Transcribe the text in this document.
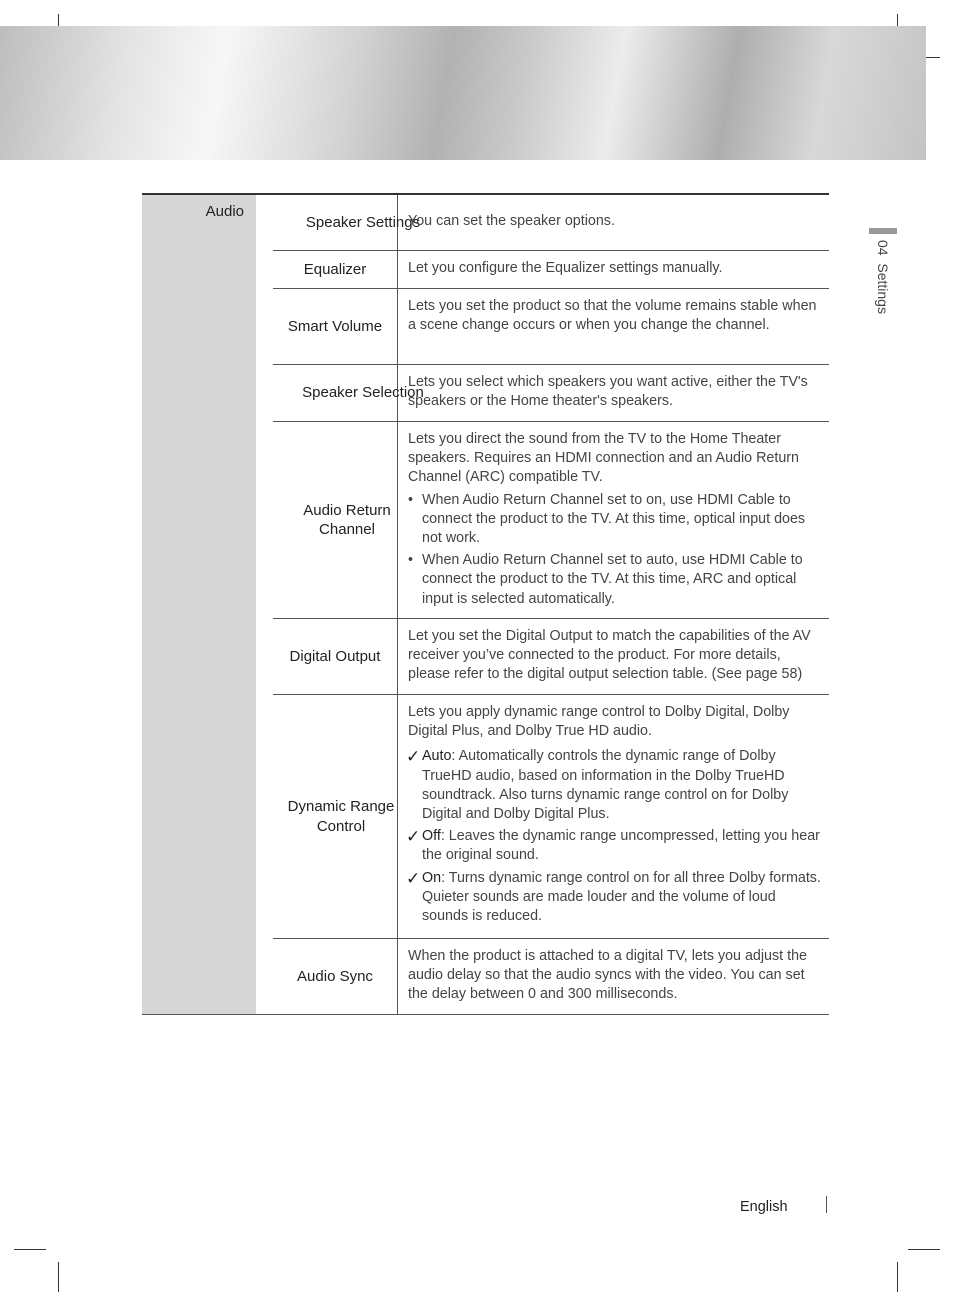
Audio
Speaker Settings

You can set the speaker options.

Equalizer	Let you configure the Equalizer settings manually.

Smart Volume

Lets you set the product so that the volume remains stable when a scene change occurs or when you change the channel.

Speaker Selection

Lets you select which speakers you want active, either the TV's speakers or the Home theater's speakers.

Audio Return Channel

Lets you direct the sound from the TV to the Home Theater speakers. Requires an HDMI connection and an Audio Return Channel (ARC) compatible TV.

• When Audio Return Channel set to on, use HDMI Cable to connect the product to the TV. At this time, optical input does not work.
• When Audio Return Channel set to auto, use HDMI Cable to connect the product to the TV. At this time, ARC and optical input is selected automatically.
Digital Output

Let you set the Digital Output to match the capabilities of the AV receiver you’ve connected to the product. For more details, please refer to the digital output selection table. (See page 58)

Dynamic Range Control

Lets you apply dynamic range control to Dolby Digital, Dolby Digital Plus, and Dolby True HD audio.

✓ Auto: Automatically controls the dynamic range of Dolby TrueHD audio, based on information in the Dolby TrueHD soundtrack. Also turns dynamic range control on for Dolby Digital and Dolby Digital Plus.
✓ Off: Leaves the dynamic range uncompressed, letting you hear the original sound.
✓ On: Turns dynamic range control on for all three Dolby formats. Quieter sounds are made louder and the volume of loud sounds is reduced.
Audio Sync

When the product is attached to a digital TV, lets you adjust the audio delay so that the audio syncs with the video. You can set the delay between 0 and 300 milliseconds.

04  Settings
English
